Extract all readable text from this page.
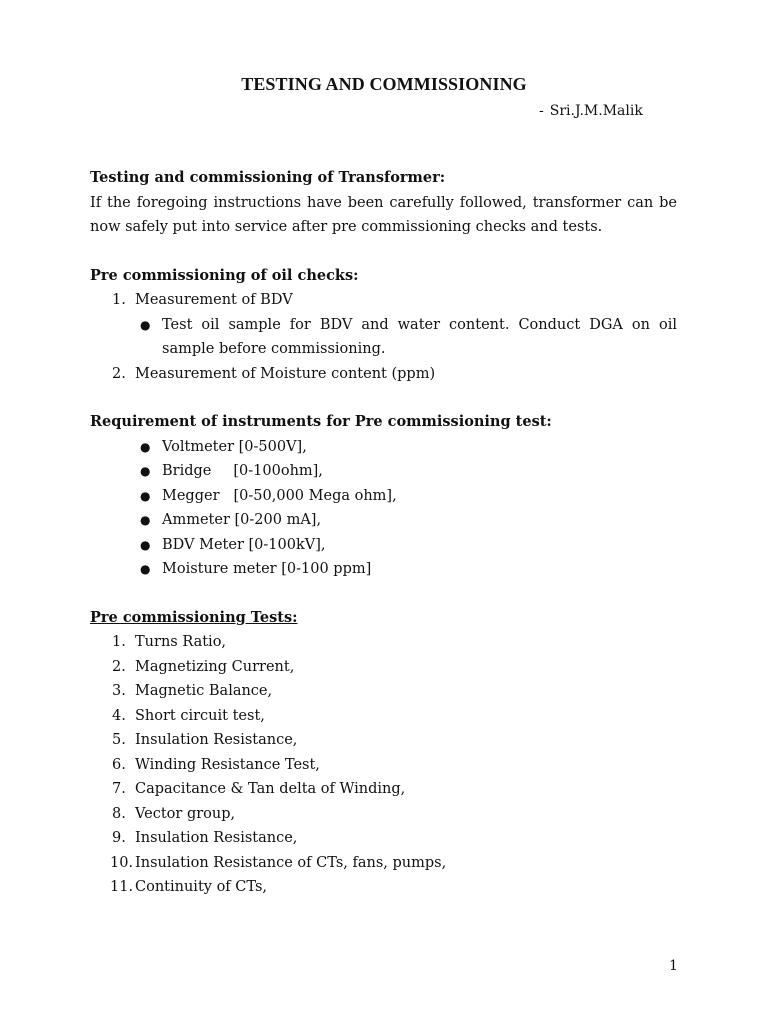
TESTING AND COMMISSIONING
- Sri.J.M.Malik

Testing and commissioning of Transformer:

If the foregoing instructions have been carefully followed, transformer can be now safely put into service after pre commissioning checks and tests.

Pre commissioning of oil checks:

1. Measurement of BDV
● Test oil sample for BDV and water content. Conduct DGA on oil sample before commissioning.
2. Measurement of Moisture content (ppm)

Requirement of instruments for Pre commissioning test:

● Voltmeter [0-500V],
● Bridge [0-100ohm],
● Megger [0-50,000 Mega ohm],
● Ammeter [0-200 mA],
● BDV Meter [0-100kV],
● Moisture meter [0-100 ppm]

Pre commissioning Tests:

1. Turns Ratio,
2. Magnetizing Current,
3. Magnetic Balance,
4. Short circuit test,
5. Insulation Resistance,
6. Winding Resistance Test,
7. Capacitance & Tan delta of Winding,
8. Vector group,
9. Insulation Resistance,
10. Insulation Resistance of CTs, fans, pumps,
11. Continuity of CTs,
1
